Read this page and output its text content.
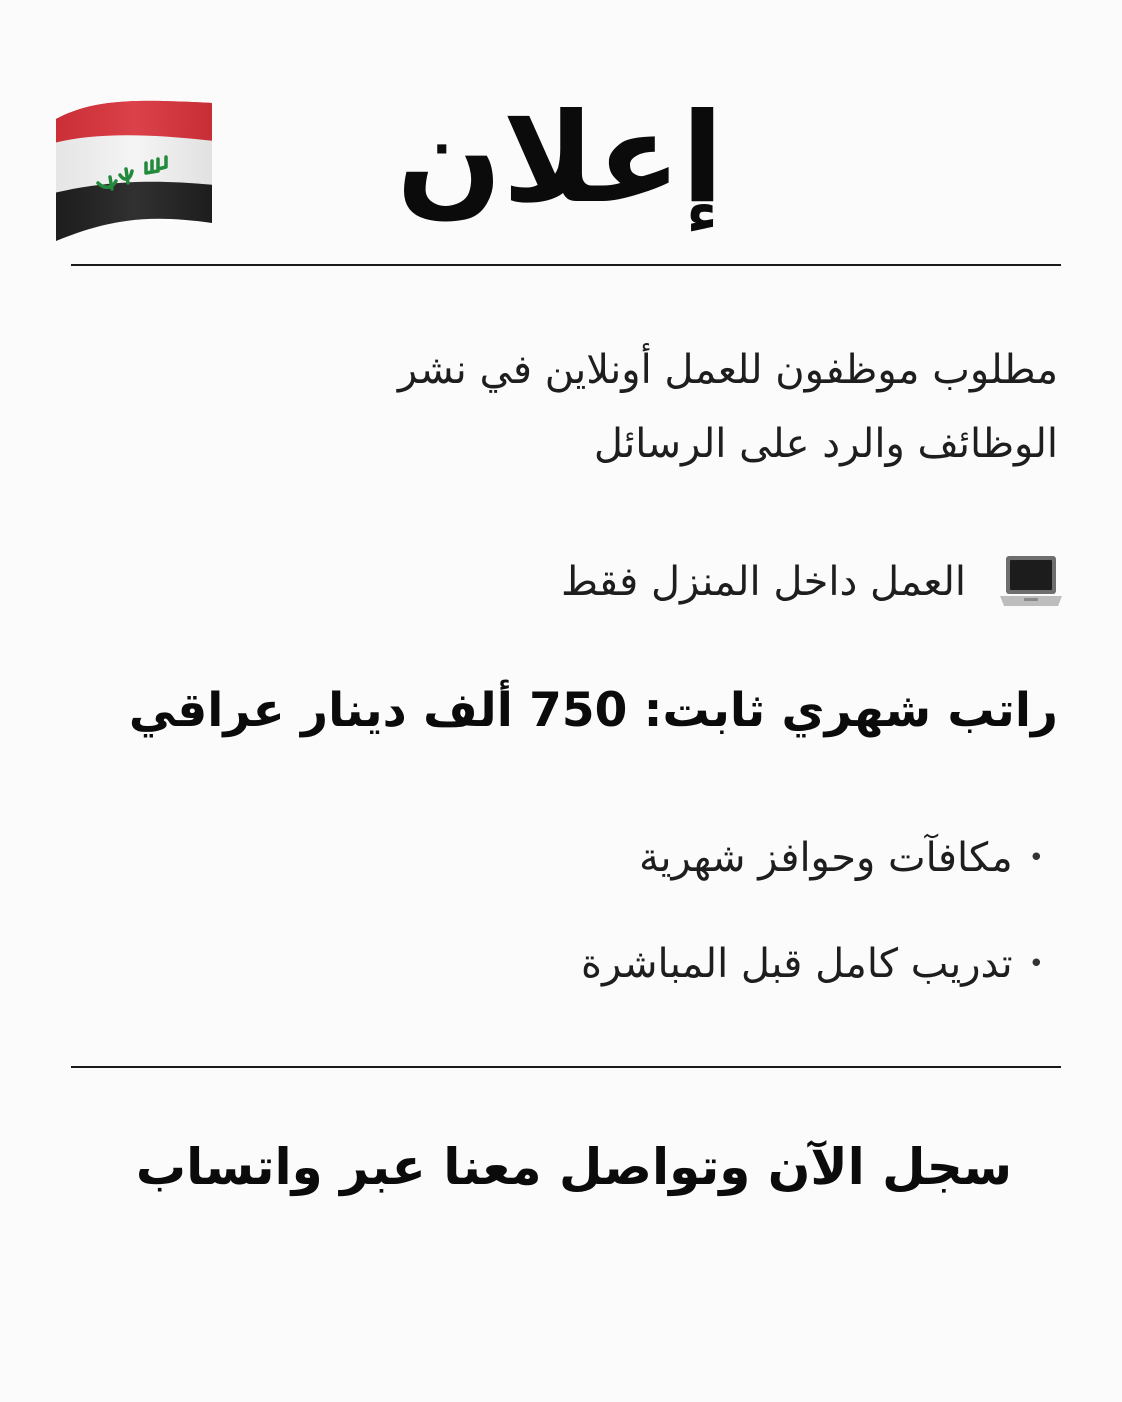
إعلان
مطلوب موظفون للعمل أونلاين في نشر
الوظائف والرد على الرسائل
العمل داخل المنزل فقط
راتب شهري ثابت: 750 ألف دينار عراقي
•
مكافآت وحوافز شهرية
•
تدريب كامل قبل المباشرة
سجل الآن وتواصل معنا عبر واتساب
